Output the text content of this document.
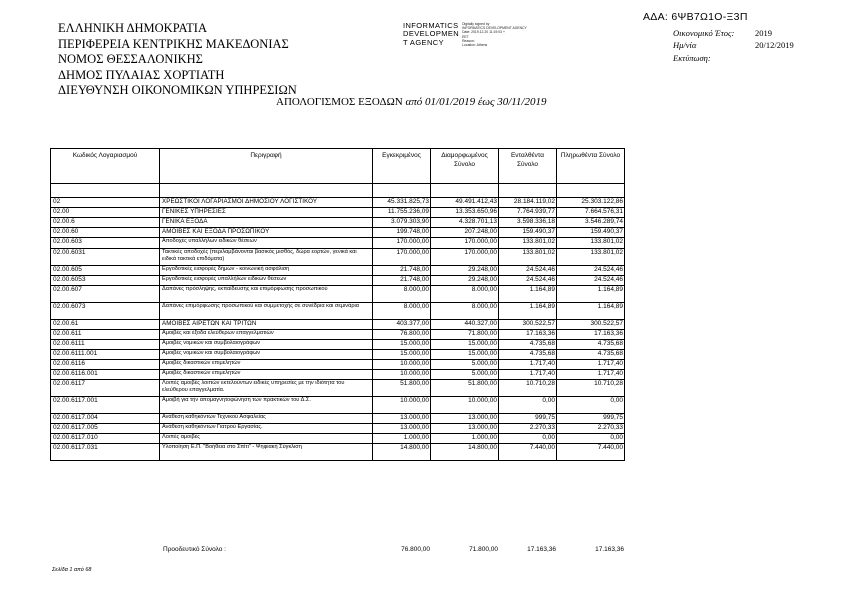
ΕΛΛΗΝΙΚΗ ΔΗΜΟΚΡΑΤΙΑ
ΠΕΡΙΦΕΡΕΙΑ ΚΕΝΤΡΙΚΗΣ ΜΑΚΕΔΟΝΙΑΣ
ΝΟΜΟΣ ΘΕΣΣΑΛΟΝΙΚΗΣ
ΔΗΜΟΣ ΠΥΛΑΙΑΣ ΧΟΡΤΙΑΤΗ
ΔΙΕΥΘΥΝΣΗ ΟΙΚΟΝΟΜΙΚΩΝ ΥΠΗΡΕΣΙΩΝ
INFORMATICS
DEVELOPMEN
T AGENCY
Digitally signed by
INFORMATICS DEVELOPMENT AGENCY
Date: 2019.12.20 11:19:03 +
EET
Reason:
Location: Athens
ΑΔΑ: 6ΨΒ7Ω1Ο-Ξ3Π
Οικονομικό Έτος:	2019
Ημ/νία	20/12/2019
Εκτύπωση:
ΑΠΟΛΟΓΙΣΜΟΣ ΕΞΟΔΩΝ από 01/01/2019 έως 30/11/2019
Κωδικός Λογαριασμού	Περιγραφή	Εγκεκριμένος	Διαμορφωμένος Σύνολο	Ενταλθέντα Σύνολο	Πληρωθέντα Σύνολο

02	ΧΡΕΩΣΤΙΚΟΙ ΛΟΓΑΡΙΑΣΜΟΙ ΔΗΜΟΣΙΟΥ ΛΟΓΙΣΤΙΚΟΥ	45.331.825,73	49.491.412,43	28.184.119,02	25.303.122,86
02.00	ΓΕΝΙΚΕΣ ΥΠΗΡΕΣΙΕΣ	11.755.236,09	13.353.650,96	7.764.939,77	7.664.576,31
02.00.6	ΓΕΝΙΚΑ ΕΞΟΔΑ	3.079.303,90	4.328.701,13	3.598.336,18	3.546.289,74
02.00.60	ΑΜΟΙΒΕΣ ΚΑΙ ΕΞΟΔΑ ΠΡΟΣΩΠΙΚΟΥ	199.748,00	207.248,00	159.490,37	159.490,37
02.00.603	Αποδοχές υπαλλήλων ειδικών θέσεων	170.000,00	170.000,00	133.801,02	133.801,02
02.00.6031	Τακτικές αποδοχές (περιλαμβάνονται βασικός μισθός, δώρα εορτών, γενικά και ειδικά τακτικά επιδόματα)	170.000,00	170.000,00	133.801,02	133.801,02
02.00.605	Εργοδοτικές εισφορές δήμων - κοινωνική ασφάλιση	21.748,00	29.248,00	24.524,46	24.524,46
02.00.6053	Εργοδοτικές εισφορές υπαλλήλων ειδικών θέσεων	21.748,00	29.248,00	24.524,46	24.524,46
02.00.607	Δαπάνες πρόσληψης, εκπαίδευσης και επιμόρφωσης προσωπικού	8.000,00	8.000,00	1.164,89	1.164,89
02.00.6073	Δαπάνες επιμόρφωσης προσωπικού και συμμετοχής σε συνέδρια και σεμινάρια	8.000,00	8.000,00	1.164,89	1.164,89
02.00.61	ΑΜΟΙΒΕΣ ΑΙΡΕΤΩΝ ΚΑΙ ΤΡΙΤΩΝ	403.377,00	440.327,00	300.522,57	300.522,57
02.00.611	Αμοιβές και έξοδα ελεύθερων επαγγελματιών	76.800,00	71.800,00	17.163,36	17.163,36
02.00.6111	Αμοιβές νομικών και συμβολαιογράφων	15.000,00	15.000,00	4.735,68	4.735,68
02.00.6111.001	Αμοιβές νομικών και συμβολαιογράφων	15.000,00	15.000,00	4.735,68	4.735,68
02.00.6116	Αμοιβές δικαστικών επιμελητών	10.000,00	5.000,00	1.717,40	1.717,40
02.00.6116.001	Αμοιβές δικαστικών επιμελητών	10.000,00	5.000,00	1.717,40	1.717,40
02.00.6117	Λοιπές αμοιβές λοιπών εκτελούντων ειδικές υπηρεσίες με την ιδιότητα του ελεύθερου επαγγελματία.	51.800,00	51.800,00	10.710,28	10.710,28
02.00.6117.001	Αμοιβή για την απομαγνητοφώνηση των πρακτικών του Δ.Σ.	10.000,00	10.000,00	0,00	0,00
02.00.6117.004	Ανάθεση καθηκόντων Τεχνικού Ασφαλείας	13.000,00	13.000,00	999,75	999,75
02.00.6117.005	Ανάθεση καθηκόντων Γιατρού Εργασίας.	13.000,00	13.000,00	2.270,33	2.270,33
02.00.6117.010	Λοιπές αμοιβές	1.000,00	1.000,00	0,00	0,00
02.00.6117.031	Υλοποίηση Ε.Π. "Βοήθεια στο Σπίτι" - Ψηφιακή Σύγκλιση	14.800,00	14.800,00	7.440,00	7.440,00
Προοδευτικό Σύνολο :	76.800,00	71.800,00	17.163,36	17.163,36
Σελίδα 1 από 68
